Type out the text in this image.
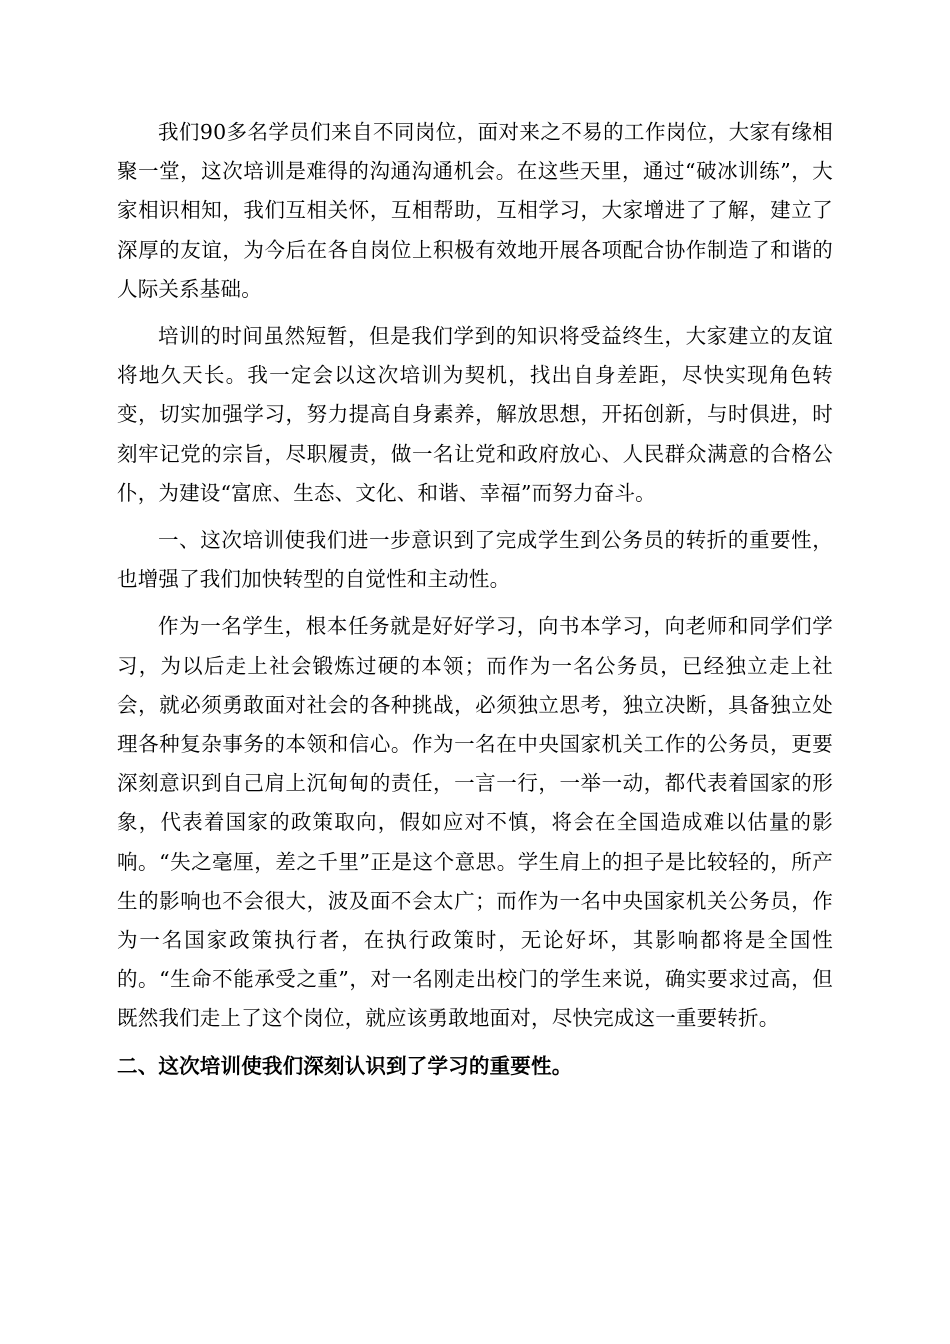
我们90多名学员们来自不同岗位，面对来之不易的工作岗位，大家有缘相聚一堂，这次培训是难得的沟通沟通机会。在这些天里，通过“破冰训练”，大家相识相知，我们互相关怀，互相帮助，互相学习，大家增进了了解，建立了深厚的友谊，为今后在各自岗位上积极有效地开展各项配合协作制造了和谐的人际关系基础。

培训的时间虽然短暂，但是我们学到的知识将受益终生，大家建立的友谊将地久天长。我一定会以这次培训为契机，找出自身差距，尽快实现角色转变，切实加强学习，努力提高自身素养，解放思想，开拓创新，与时俱进，时刻牢记党的宗旨，尽职履责，做一名让党和政府放心、人民群众满意的合格公仆，为建设“富庶、生态、文化、和谐、幸福”而努力奋斗。

一、这次培训使我们进一步意识到了完成学生到公务员的转折的重要性，也增强了我们加快转型的自觉性和主动性。

作为一名学生，根本任务就是好好学习，向书本学习，向老师和同学们学习，为以后走上社会锻炼过硬的本领；而作为一名公务员，已经独立走上社会，就必须勇敢面对社会的各种挑战，必须独立思考，独立决断，具备独立处理各种复杂事务的本领和信心。作为一名在中央国家机关工作的公务员，更要深刻意识到自己肩上沉甸甸的责任，一言一行，一举一动，都代表着国家的形象，代表着国家的政策取向，假如应对不慎，将会在全国造成难以估量的影响。“失之毫厘，差之千里”正是这个意思。学生肩上的担子是比较轻的，所产生的影响也不会很大，波及面不会太广；而作为一名中央国家机关公务员，作为一名国家政策执行者，在执行政策时，无论好坏，其影响都将是全国性的。“生命不能承受之重”，对一名刚走出校门的学生来说，确实要求过高，但既然我们走上了这个岗位，就应该勇敢地面对，尽快完成这一重要转折。

二、这次培训使我们深刻认识到了学习的重要性。
